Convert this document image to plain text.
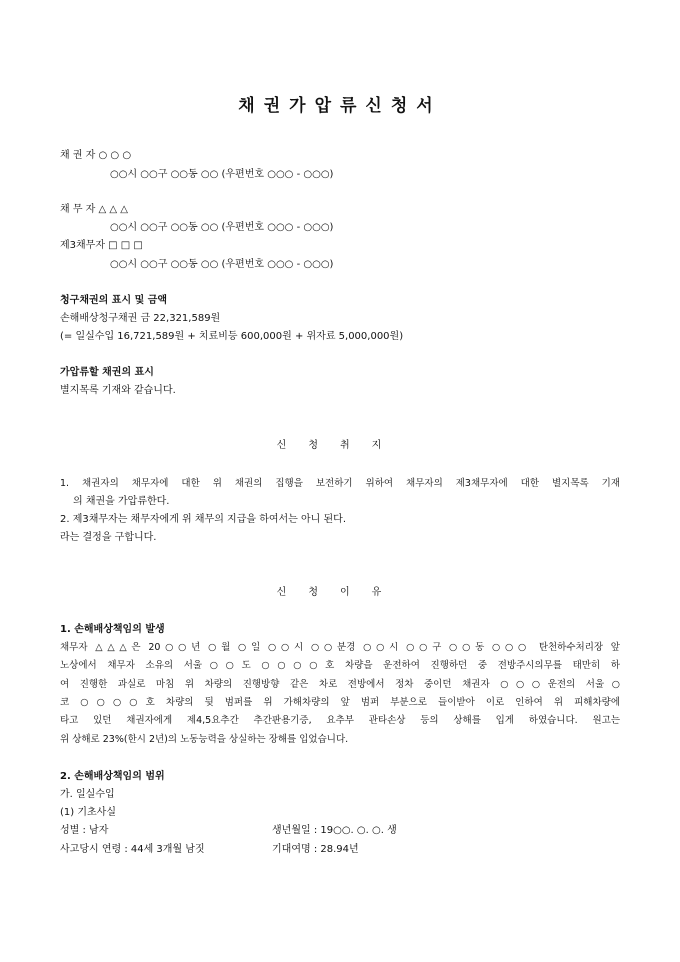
채권가압류신청서
채 권 자 ○ ○ ○
○○시 ○○구 ○○동 ○○ (우편번호 ○○○ - ○○○)
채 무 자 △ △ △
○○시 ○○구 ○○동 ○○ (우편번호 ○○○ - ○○○)
제3채무자 □ □ □
○○시 ○○구 ○○동 ○○ (우편번호 ○○○ - ○○○)
청구채권의 표시 및 금액
손해배상청구채권 금 22,321,589원
(= 일실수입 16,721,589원 + 치료비등 600,000원 + 위자료 5,000,000원)
가압류할 채권의 표시
별지목록 기재와 같습니다.
신청취지
1. 채권자의 채무자에 대한 위 채권의 집행을 보전하기 위하여 채무자의 제3채무자에 대한 별지목록 기재
의 채권을 가압류한다.
2. 제3채무자는 채무자에게 위 채무의 지급을 하여서는 아니 된다.
라는 결정을 구합니다.
신청이유
1. 손해배상책임의 발생
채무자 △△△은 20○○년 ○월 ○일 ○○시 ○○분경 ○○시 ○○구 ○○동 ○○○ 탄천하수처리장 앞
노상에서 채무자 소유의 서울○○도 ○○○○호 차량을 운전하여 진행하던 중 전방주시의무를 태만히 하
여 진행한 과실로 마침 위 차량의 진행방향 같은 차로 전방에서 정차 중이던 채권자 ○○○운전의 서울○
코 ○○○○호 차량의 뒷 범퍼를 위 가해차량의 앞 범퍼 부분으로 들이받아 이로 인하여 위 피해차량에
타고 있던 채권자에게 제4,5요추간 추간판용기증, 요추부 관타손상 등의 상해를 입게 하였습니다. 원고는
위 상해로 23%(한시 2년)의 노동능력을 상실하는 장해를 입었습니다.
2. 손해배상책임의 범위
가. 일실수입
(1) 기초사실
성별 : 남자	생년월일 : 19○○. ○. ○. 생
사고당시 연령 : 44세 3개월 남짓	기대여명 : 28.94년
